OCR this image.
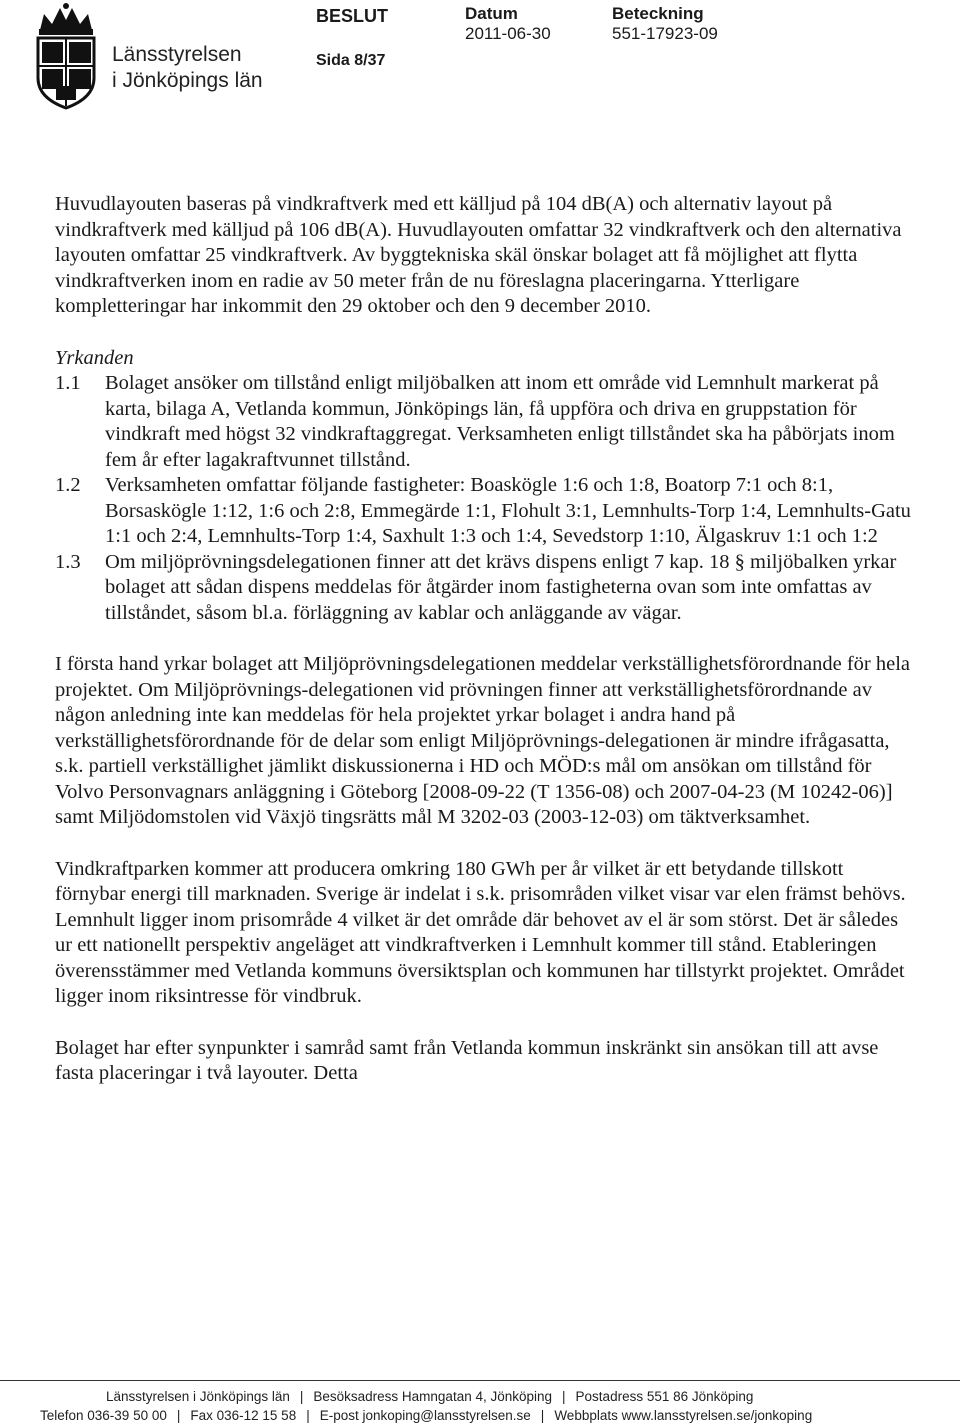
Länsstyrelsen
i Jönköpings län
BESLUT
Sida 8/37
Datum
2011-06-30
Beteckning
551-17923-09

Huvudlayouten baseras på vindkraftverk med ett källjud på 104 dB(A) och alternativ layout på vindkraftverk med källjud på 106 dB(A). Huvudlayouten omfattar 32 vindkraftverk och den alternativa layouten omfattar 25 vindkraftverk. Av byggtekniska skäl önskar bolaget att få möjlighet att flytta vindkraftverken inom en radie av 50 meter från de nu föreslagna placeringarna. Ytterligare kompletteringar har inkommit den 29 oktober och den 9 december 2010.

Yrkanden

1.1	Bolaget ansöker om tillstånd enligt miljöbalken att inom ett område vid Lemnhult markerat på karta, bilaga A, Vetlanda kommun, Jönköpings län, få uppföra och driva en gruppstation för vindkraft med högst 32 vindkraftaggregat. Verksamheten enligt tillståndet ska ha påbörjats inom fem år efter lagakraftvunnet tillstånd.
1.2	Verksamheten omfattar följande fastigheter: Boasköglе 1:6 och 1:8, Boatorp 7:1 och 8:1, Borsasköglе 1:12, 1:6 och 2:8, Emmegärde 1:1, Flohult 3:1, Lemnhults-Torp 1:4, Lemnhults-Gatu 1:1 och 2:4, Lemnhults-Torp 1:4, Saxhult 1:3 och 1:4, Sevedstorp 1:10, Älgaskruv 1:1 och 1:2
1.3	Om miljöprövningsdelegationen finner att det krävs dispens enligt 7 kap. 18 § miljöbalken yrkar bolaget att sådan dispens meddelas för åtgärder inom fastigheterna ovan som inte omfattas av tillståndet, såsom bl.a. förläggning av kablar och anläggande av vägar.

I första hand yrkar bolaget att Miljöprövningsdelegationen meddelar verkställighetsförordnande för hela projektet. Om Miljöprövnings-delegationen vid prövningen finner att verkställighetsförordnande av någon anledning inte kan meddelas för hela projektet yrkar bolaget i andra hand på verkställighetsförordnande för de delar som enligt Miljöprövnings-delegationen är mindre ifrågasatta, s.k. partiell verkställighet jämlikt diskussionerna i HD och MÖD:s mål om ansökan om tillstånd för Volvo Personvagnars anläggning i Göteborg [2008-09-22 (T 1356-08) och 2007-04-23 (M 10242-06)] samt Miljödomstolen vid Växjö tingsrätts mål M 3202-03 (2003-12-03) om täktverksamhet.

Vindkraftparken kommer att producera omkring 180 GWh per år vilket är ett betydande tillskott förnybar energi till marknaden. Sverige är indelat i s.k. prisområden vilket visar var elen främst behövs. Lemnhult ligger inom prisområde 4 vilket är det område där behovet av el är som störst. Det är således ur ett nationellt perspektiv angeläget att vindkraftverken i Lemnhult kommer till stånd. Etableringen överensstämmer med Vetlanda kommuns översiktsplan och kommunen har tillstyrkt projektet. Området ligger inom riksintresse för vindbruk.

Bolaget har efter synpunkter i samråd samt från Vetlanda kommun inskränkt sin ansökan till att avse fasta placeringar i två layouter. Detta

Länsstyrelsen i Jönköpings län | Besöksadress Hamngatan 4, Jönköping | Postadress 551 86 Jönköping
Telefon 036-39 50 00 | Fax 036-12 15 58 | E-post jonkoping@lansstyrelsen.se | Webbplats www.lansstyrelsen.se/jonkoping
